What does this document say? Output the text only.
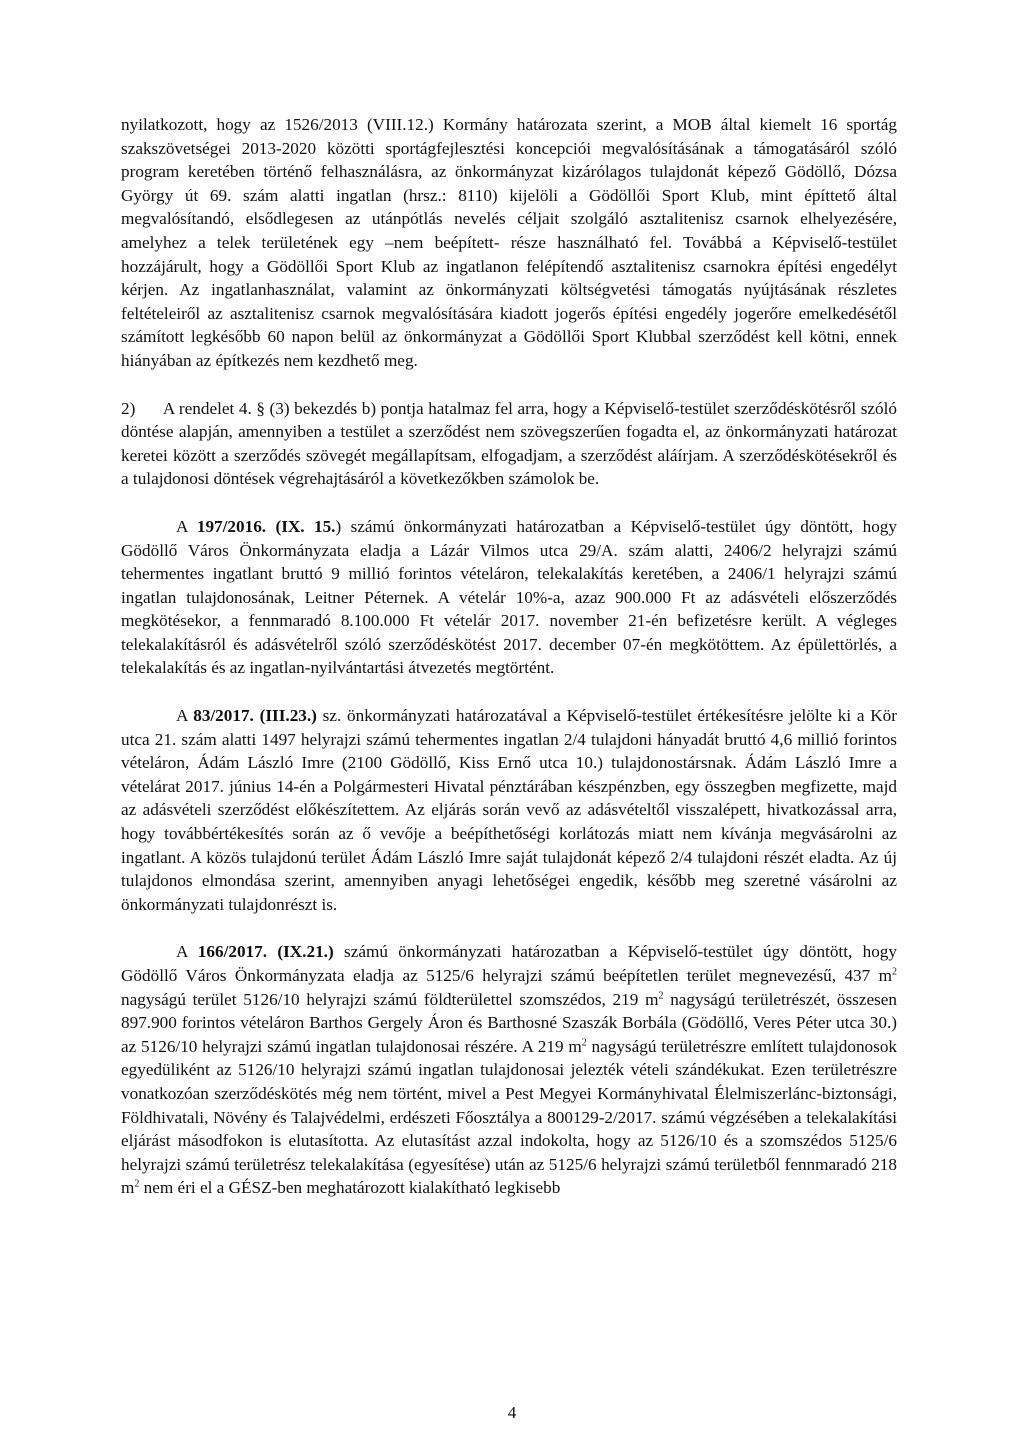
nyilatkozott, hogy az 1526/2013 (VIII.12.) Kormány határozata szerint, a MOB által kiemelt 16 sportág szakszövetségei 2013-2020 közötti sportágfejlesztési koncepciói megvalósításának a támogatásáról szóló program keretében történő felhasználásra, az önkormányzat kizárólagos tulajdonát képező Gödöllő, Dózsa György út 69. szám alatti ingatlan (hrsz.: 8110) kijelöli a Gödöllői Sport Klub, mint építtető által megvalósítandó, elsődlegesen az utánpótlás nevelés céljait szolgáló asztalitenisz csarnok elhelyezésére, amelyhez a telek területének egy –nem beépített- része használható fel. Továbbá a Képviselő-testület hozzájárult, hogy a Gödöllői Sport Klub az ingatlanon felépítendő asztalitenisz csarnokra építési engedélyt kérjen. Az ingatlanhasználat, valamint az önkormányzati költségvetési támogatás nyújtásának részletes feltételeiről az asztalitenisz csarnok megvalósítására kiadott jogerős építési engedély jogerőre emelkedésétől számított legkésőbb 60 napon belül az önkormányzat a Gödöllői Sport Klubbal szerződést kell kötni, ennek hiányában az építkezés nem kezdhető meg.

2) A rendelet 4. § (3) bekezdés b) pontja hatalmaz fel arra, hogy a Képviselő-testület szerződéskötésről szóló döntése alapján, amennyiben a testület a szerződést nem szövegszerűen fogadta el, az önkormányzati határozat keretei között a szerződés szövegét megállapítsam, elfogadjam, a szerződést aláírjam. A szerződéskötésekről és a tulajdonosi döntések végrehajtásáról a következőkben számolok be.

A 197/2016. (IX. 15.) számú önkormányzati határozatban a Képviselő-testület úgy döntött, hogy Gödöllő Város Önkormányzata eladja a Lázár Vilmos utca 29/A. szám alatti, 2406/2 helyrajzi számú tehermentes ingatlant bruttó 9 millió forintos vételáron, telekalakítás keretében, a 2406/1 helyrajzi számú ingatlan tulajdonosának, Leitner Péternek. A vételár 10%-a, azaz 900.000 Ft az adásvételi előszerződés megkötésekor, a fennmaradó 8.100.000 Ft vételár 2017. november 21-én befizetésre került. A végleges telekalakításról és adásvételről szóló szerződéskötést 2017. december 07-én megkötöttem. Az épülettörlés, a telekalakítás és az ingatlan-nyilvántartási átvezetés megtörtént.

A 83/2017. (III.23.) sz. önkormányzati határozatával a Képviselő-testület értékesítésre jelölte ki a Kör utca 21. szám alatti 1497 helyrajzi számú tehermentes ingatlan 2/4 tulajdoni hányadát bruttó 4,6 millió forintos vételáron, Ádám László Imre (2100 Gödöllő, Kiss Ernő utca 10.) tulajdonostársnak. Ádám László Imre a vételárat 2017. június 14-én a Polgármesteri Hivatal pénztárában készpénzben, egy összegben megfizette, majd az adásvételi szerződést előkészítettem. Az eljárás során vevő az adásvételtől visszalépett, hivatkozással arra, hogy továbbértékesítés során az ő vevője a beépíthetőségi korlátozás miatt nem kívánja megvásárolni az ingatlant. A közös tulajdonú terület Ádám László Imre saját tulajdonát képező 2/4 tulajdoni részét eladta. Az új tulajdonos elmondása szerint, amennyiben anyagi lehetőségei engedik, később meg szeretné vásárolni az önkormányzati tulajdonrészt is.

A 166/2017. (IX.21.) számú önkormányzati határozatban a Képviselő-testület úgy döntött, hogy Gödöllő Város Önkormányzata eladja az 5125/6 helyrajzi számú beépítetlen terület megnevezésű, 437 $m^2$ nagyságú terület 5126/10 helyrajzi számú földterülettel szomszédos, 219 $m^2$ nagyságú területrészét, összesen 897.900 forintos vételáron Barthos Gergely Áron és Barthosné Szaszák Borbála (Gödöllő, Veres Péter utca 30.) az 5126/10 helyrajzi számú ingatlan tulajdonosai részére. A 219 $m^2$ nagyságú területrészre említett tulajdonosok egyedüliként az 5126/10 helyrajzi számú ingatlan tulajdonosai jelezték vételi szándékukat. Ezen területrészre vonatkozóan szerződéskötés még nem történt, mivel a Pest Megyei Kormányhivatal Élelmiszerlánc-biztonsági, Földhivatali, Növény és Talajvédelmi, erdészeti Főosztálya a 800129-2/2017. számú végzésében a telekalakítási eljárást másodfokon is elutasította. Az elutasítást azzal indokolta, hogy az 5126/10 és a szomszédos 5125/6 helyrajzi számú területrész telekalakítása (egyesítése) után az 5125/6 helyrajzi számú területből fennmaradó 218 $m^2$ nem éri el a GÉSZ-ben meghatározott kialakítható legkisebb

4
